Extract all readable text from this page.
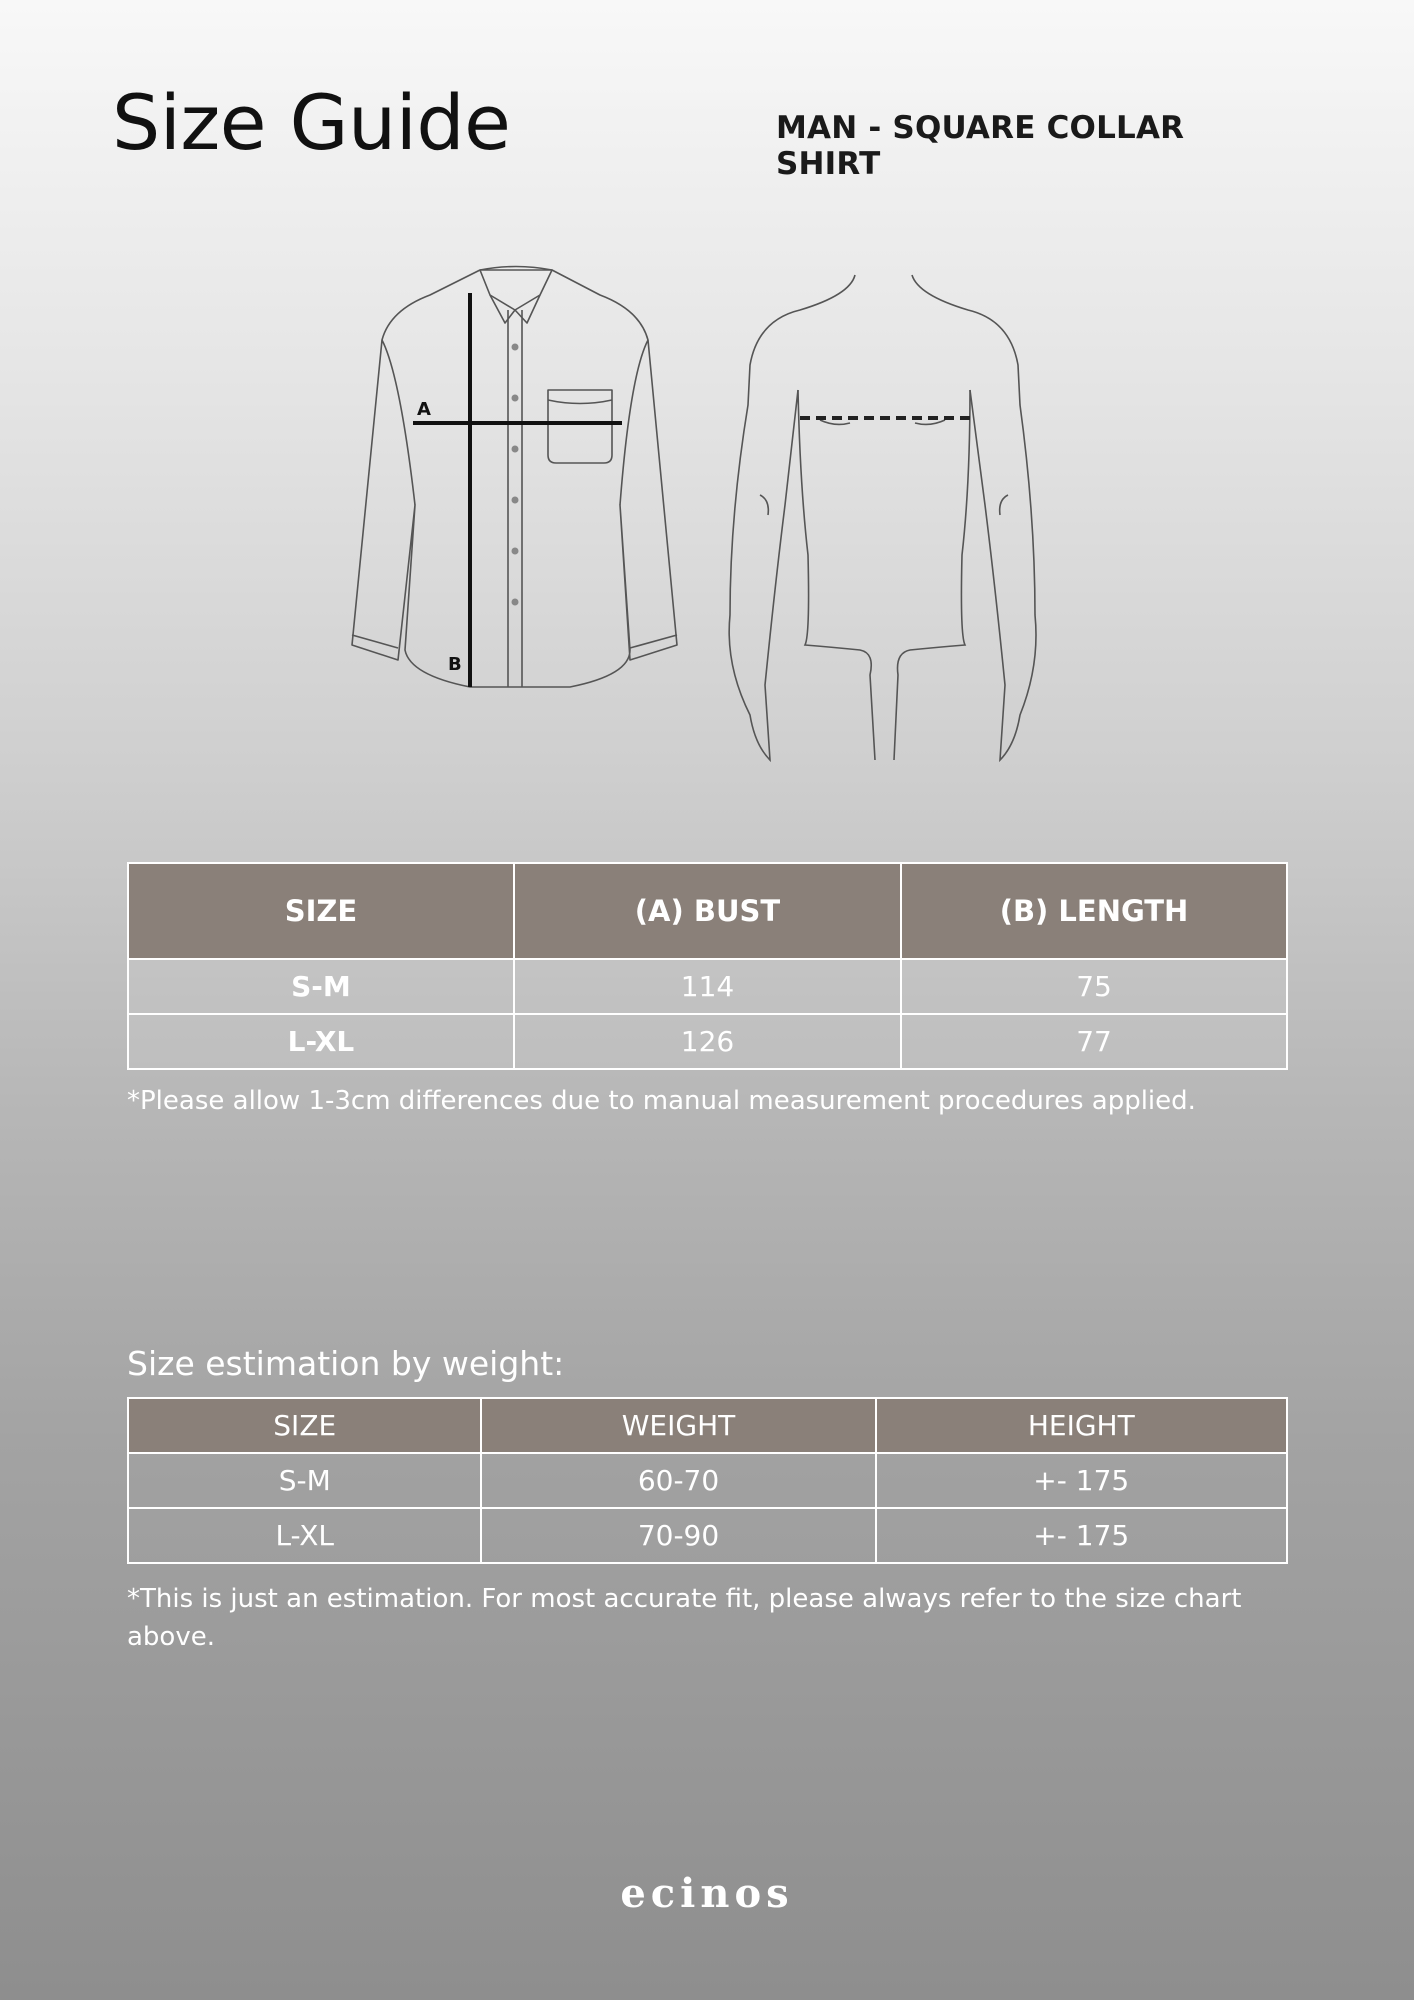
Size Guide	MAN - SQUARE COLLAR SHIRT
A
B
SIZE	(A) BUST	(B) LENGTH
S-M	114	75
L-XL	126	77
*Please allow 1-3cm differences due to manual measurement procedures applied.
Size estimation by weight:
SIZE	WEIGHT	HEIGHT
S-M	60-70	+- 175
L-XL	70-90	+- 175
*This is just an estimation. For most accurate fit, please always refer to the size chart above.
ecinos
